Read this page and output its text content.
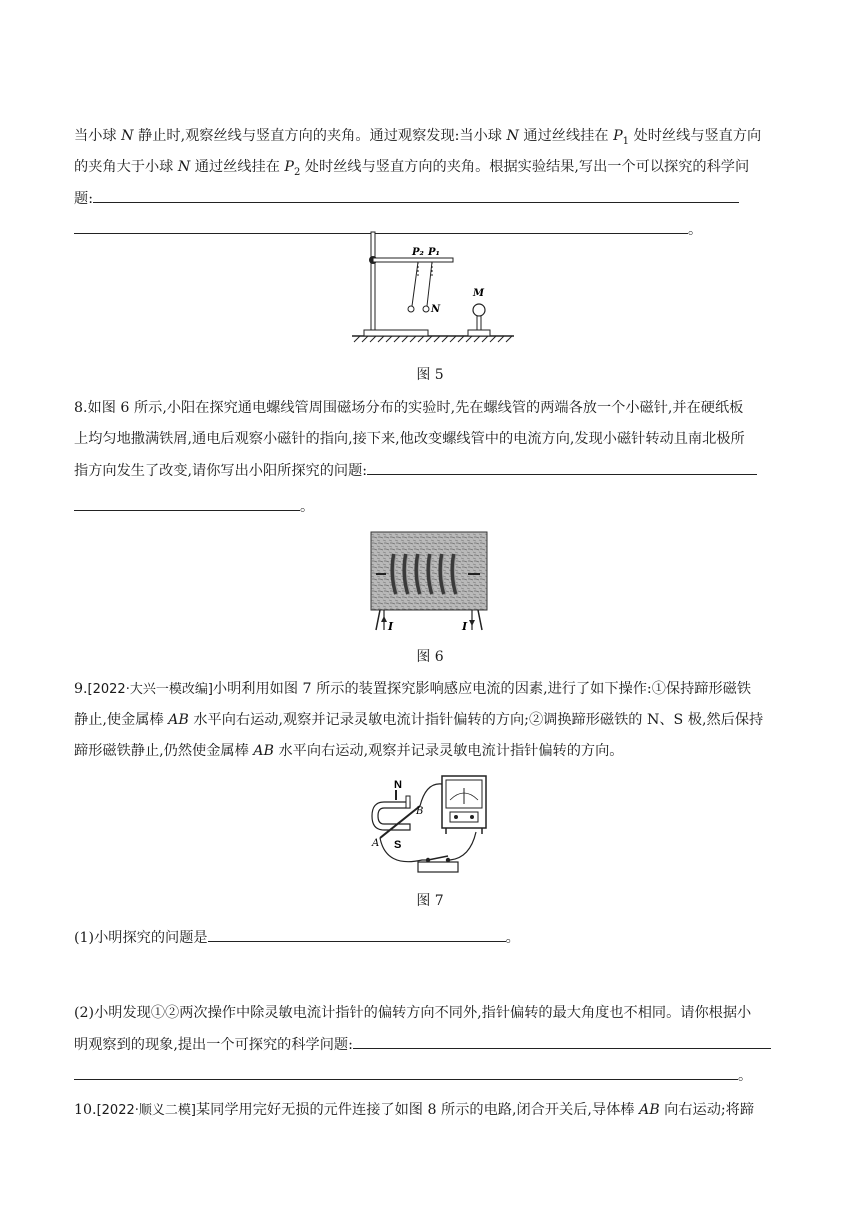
当小球 N 静止时,观察丝线与竖直方向的夹角。通过观察发现:当小球 N 通过丝线挂在 $P_1$ 处时丝线与竖直方向
的夹角大于小球 N 通过丝线挂在 $P_2$ 处时丝线与竖直方向的夹角。根据实验结果,写出一个可以探究的科学问
题:
。
P₂ P₁
N
M
图 5
8.如图 6 所示,小阳在探究通电螺线管周围磁场分布的实验时,先在螺线管的两端各放一个小磁针,并在硬纸板
上均匀地撒满铁屑,通电后观察小磁针的指向,接下来,他改变螺线管中的电流方向,发现小磁针转动且南北极所
指方向发生了改变,请你写出小阳所探究的问题:
。
I	I
图 6
9.[2022·大兴一模改编]小明利用如图 7 所示的装置探究影响感应电流的因素,进行了如下操作:①保持蹄形磁铁
静止,使金属棒 AB 水平向右运动,观察并记录灵敏电流计指针偏转的方向;②调换蹄形磁铁的 N、S 极,然后保持
蹄形磁铁静止,仍然使金属棒 AB 水平向右运动,观察并记录灵敏电流计指针偏转的方向。
N
S
A
B
图 7
(1)小明探究的问题是	。
(2)小明发现①②两次操作中除灵敏电流计指针的偏转方向不同外,指针偏转的最大角度也不相同。请你根据小
明观察到的现象,提出一个可探究的科学问题:
。
10.[2022·顺义二模]某同学用完好无损的元件连接了如图 8 所示的电路,闭合开关后,导体棒 AB 向右运动;将蹄
